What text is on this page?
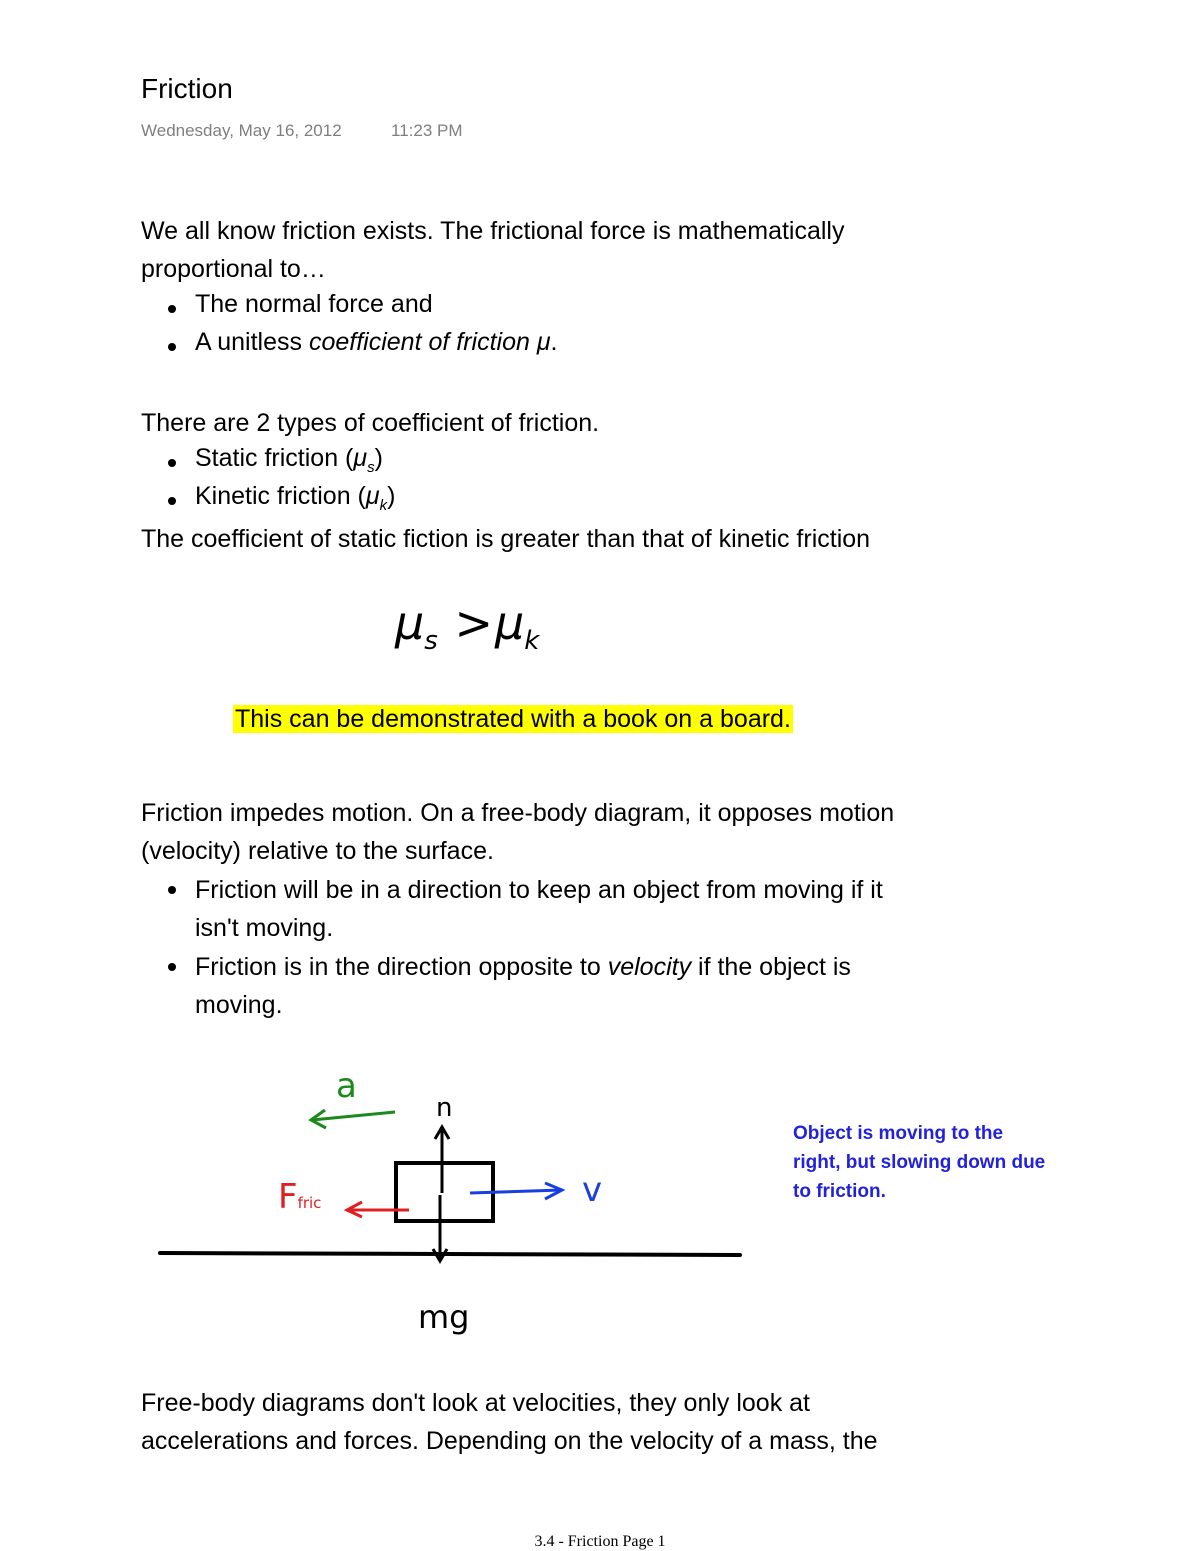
Friction
Wednesday, May 16, 2012	11:23 PM
We all know friction exists. The frictional force is mathematically
proportional to…
The normal force and
A unitless coefficient of friction μ.
There are 2 types of coefficient of friction.
Static friction $(\mu_s)$
Kinetic friction $(\mu_k)$
The coefficient of static fiction is greater than that of kinetic friction
$\mu_s >\mu_k$
This can be demonstrated with a book on a board.
Friction impedes motion. On a free-body diagram, it opposes motion
(velocity) relative to the surface.
Friction will be in a direction to keep an object from moving if it
isn't moving.
Friction is in the direction opposite to velocity if the object is
moving.
a
n
v
Ffric
mg
Object is moving to the right, but slowing down due to friction.
Free-body diagrams don't look at velocities, they only look at
accelerations and forces. Depending on the velocity of a mass, the
3.4 - Friction Page 1
